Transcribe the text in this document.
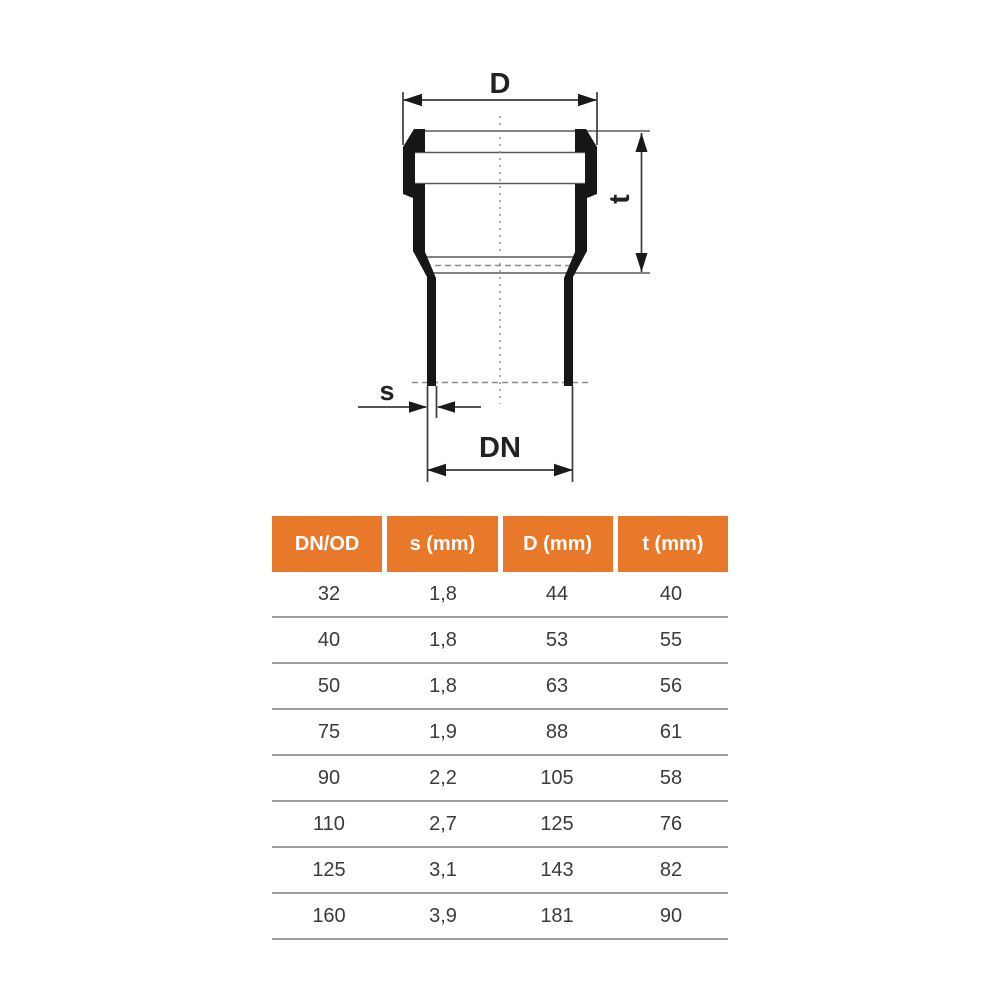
D
t
s
DN
DN/OD	s (mm)	D (mm)	t (mm)
32	1,8	44	40
40	1,8	53	55
50	1,8	63	56
75	1,9	88	61
90	2,2	105	58
110	2,7	125	76
125	3,1	143	82
160	3,9	181	90
